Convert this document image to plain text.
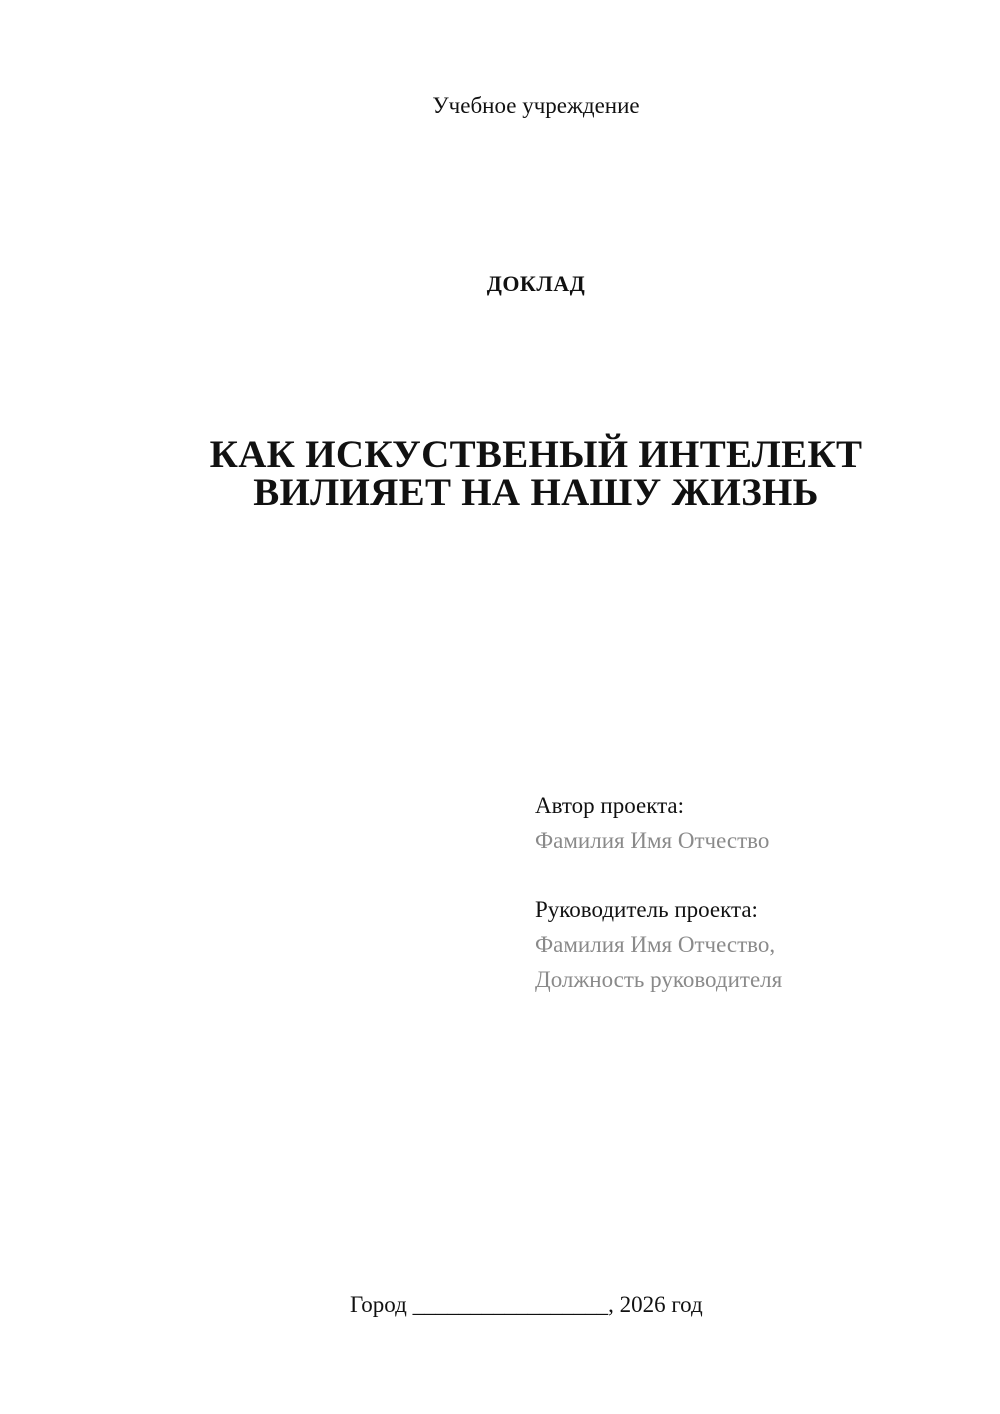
Учебное учреждение
ДОКЛАД
КАК ИСКУСТВЕНЫЙ ИНТЕЛЕКТ
ВИЛИЯЕТ НА НАШУ ЖИЗНЬ
Автор проекта:
Фамилия Имя Отчество
Руководитель проекта:
Фамилия Имя Отчество,
Должность руководителя
Город _________________, 2026 год
